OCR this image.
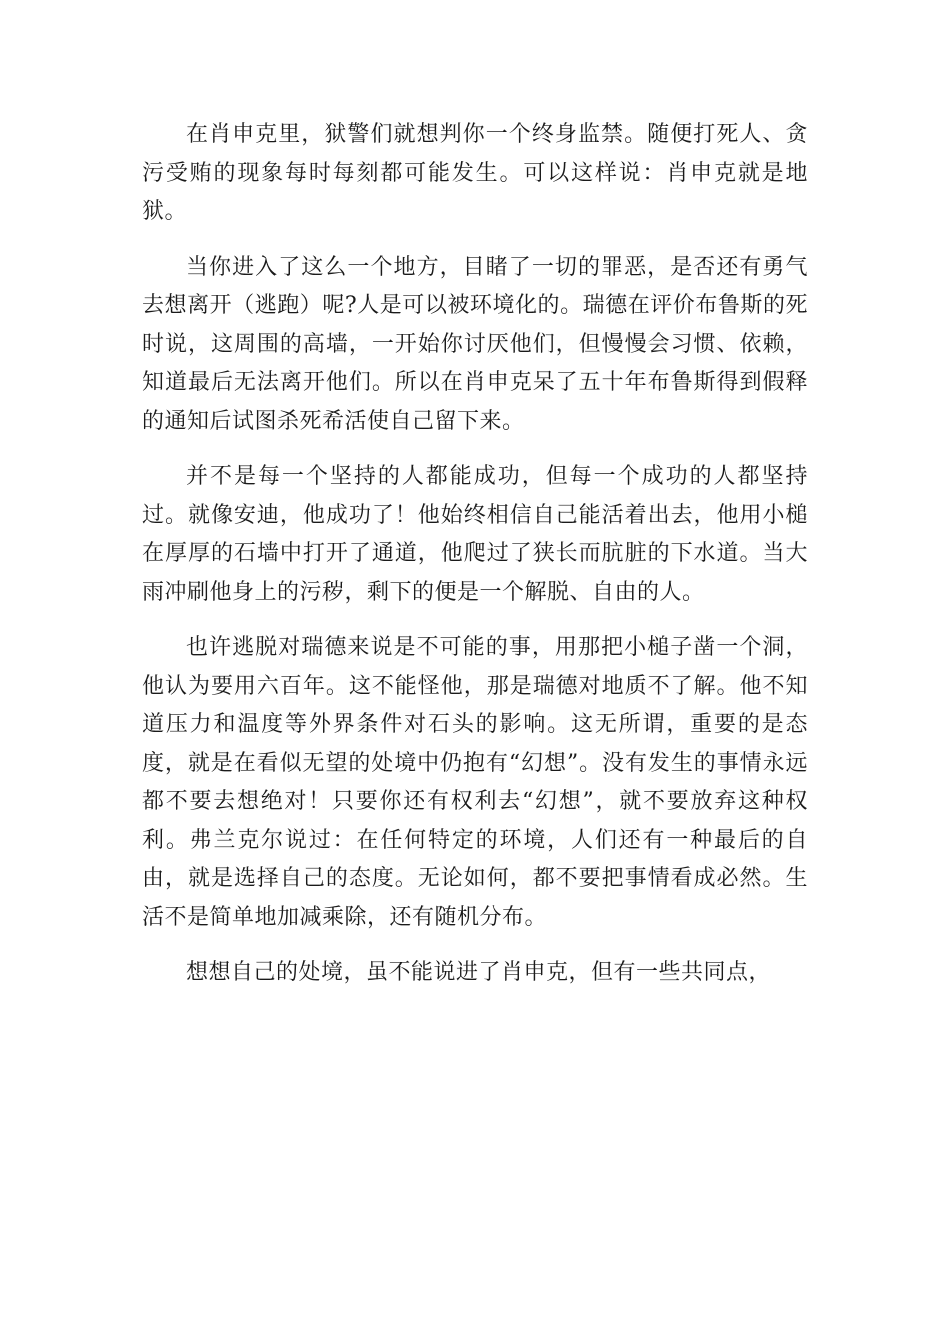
在肖申克里，狱警们就想判你一个终身监禁。随便打死人、贪污受贿的现象每时每刻都可能发生。可以这样说：肖申克就是地狱。

当你进入了这么一个地方，目睹了一切的罪恶，是否还有勇气去想离开（逃跑）呢?人是可以被环境化的。瑞德在评价布鲁斯的死时说，这周围的高墙，一开始你讨厌他们，但慢慢会习惯、依赖，知道最后无法离开他们。所以在肖申克呆了五十年布鲁斯得到假释的通知后试图杀死希活使自己留下来。

并不是每一个坚持的人都能成功，但每一个成功的人都坚持过。就像安迪，他成功了！他始终相信自己能活着出去，他用小槌在厚厚的石墙中打开了通道，他爬过了狭长而肮脏的下水道。当大雨冲刷他身上的污秽，剩下的便是一个解脱、自由的人。

也许逃脱对瑞德来说是不可能的事，用那把小槌子凿一个洞，他认为要用六百年。这不能怪他，那是瑞德对地质不了解。他不知道压力和温度等外界条件对石头的影响。这无所谓，重要的是态度，就是在看似无望的处境中仍抱有“幻想”。没有发生的事情永远都不要去想绝对！只要你还有权利去“幻想”，就不要放弃这种权利。弗兰克尔说过：在任何特定的环境，人们还有一种最后的自由，就是选择自己的态度。无论如何，都不要把事情看成必然。生活不是简单地加减乘除，还有随机分布。

想想自己的处境，虽不能说进了肖申克，但有一些共同点，
